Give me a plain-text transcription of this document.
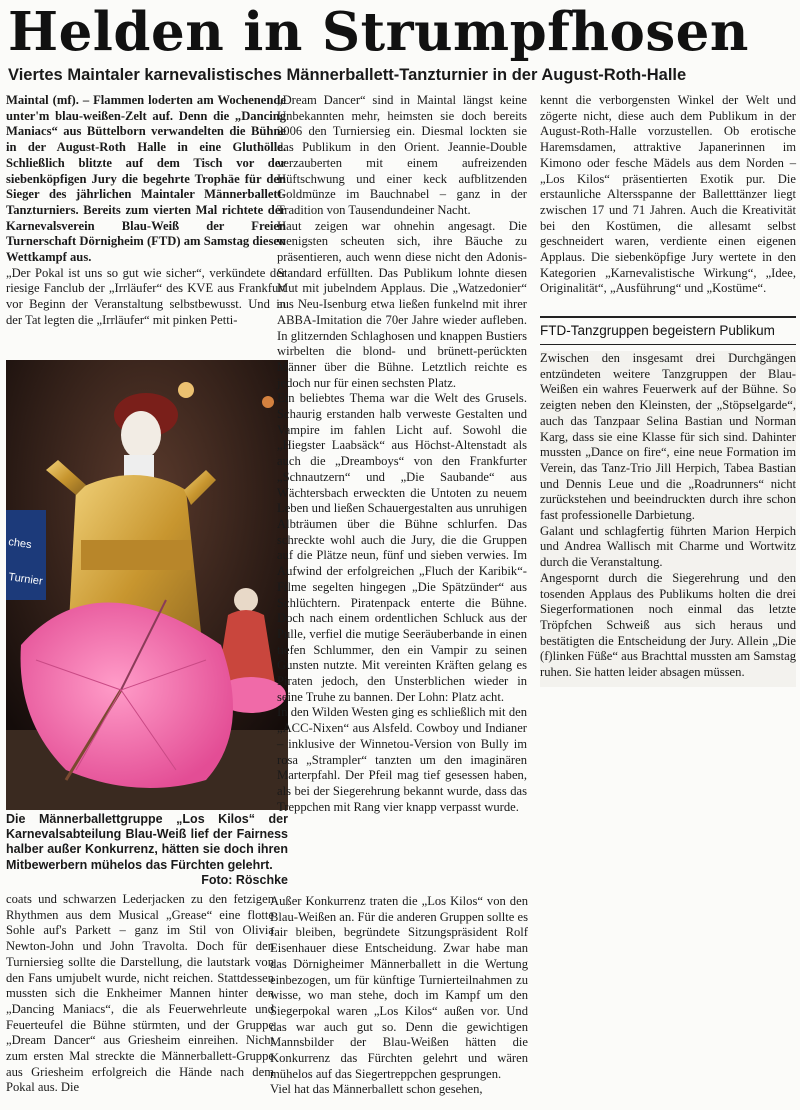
Helden in Strumpfhosen
Viertes Maintaler karnevalistisches Männerballett-Tanzturnier in der August-Roth-Halle

Maintal (mf). – Flammen loderten am Wochenende unter'm blau-weißen-Zelt auf. Denn die „Dancing Maniacs“ aus Büttelborn verwandelten die Bühne in der August-Roth Halle in eine Gluthölle. Schließlich blitzte auf dem Tisch vor der siebenköpfigen Jury die begehrte Trophäe für den Sieger des jährlichen Maintaler Männerballett-Tanzturniers. Bereits zum vierten Mal richtete der Karnevalsverein Blau-Weiß der Freien Turnerschaft Dörnigheim (FTD) am Samstag diesen Wettkampf aus.

„Der Pokal ist uns so gut wie sicher“, verkündete der riesige Fanclub der „Irrläufer“ des KVE aus Frankfurt vor Beginn der Veranstaltung selbstbewusst. Und in der Tat legten die „Irrläufer“ mit pinken Petti-

ches
Turnier

Die Männerballettgruppe „Los Kilos“ der Karnevalsabteilung Blau-Weiß lief der Fairness halber außer Konkurrenz, hätten sie doch ihren Mitbewerbern mühelos das Fürchten gelehrt.
Foto: Röschke

coats und schwarzen Lederjacken zu den fetzigen Rhythmen aus dem Musical „Grease“ eine flotte Sohle auf's Parkett – ganz im Stil von Olivia Newton-John und John Travolta. Doch für den Turniersieg sollte die Darstellung, die lautstark von den Fans umjubelt wurde, nicht reichen. Stattdessen mussten sich die Enkheimer Mannen hinter den „Dancing Maniacs“, die als Feuerwehrleute und Feuerteufel die Bühne stürmten, und der Gruppe „Dream Dancer“ aus Griesheim einreihen. Nicht zum ersten Mal streckte die Männerballett-Gruppe aus Griesheim erfolgreich die Hände nach dem Pokal aus. Die

„Dream Dancer“ sind in Maintal längst keine Unbekannten mehr, heimsten sie doch bereits 2006 den Turniersieg ein. Diesmal lockten sie das Publikum in den Orient. Jeannie-Double verzauberten mit einem aufreizenden Hüftschwung und einer keck aufblitzenden Goldmünze im Bauchnabel – ganz in der Tradition von Tausendundeiner Nacht.

Haut zeigen war ohnehin angesagt. Die wenigsten scheuten sich, ihre Bäuche zu präsentieren, auch wenn diese nicht den Adonis-Standard erfüllten. Das Publikum lohnte diesen Mut mit jubelndem Applaus. Die „Watzedonier“ aus Neu-Isenburg etwa ließen funkelnd mit ihrer ABBA-Imitation die 70er Jahre wieder aufleben. In glitzernden Schlaghosen und knappen Bustiers wirbelten die blond- und brünett-perückten Männer über die Bühne. Letztlich reichte es jedoch nur für einen sechsten Platz.

Ein beliebtes Thema war die Welt des Grusels. Schaurig erstanden halb verweste Gestalten und Vampire im fahlen Licht auf. Sowohl die „Hiegster Laabsäck“ aus Höchst-Altenstadt als auch die „Dreamboys“ von den Frankfurter „Schnautzern“ und „Die Saubande“ aus Wächtersbach erweckten die Untoten zu neuem Leben und ließen Schauergestalten aus unruhigen Albträumen über die Bühne schlurfen. Das schreckte wohl auch die Jury, die die Gruppen auf die Plätze neun, fünf und sieben verwies. Im Aufwind der erfolgreichen „Fluch der Karibik“-Filme segelten hingegen „Die Spätzünder“ aus Schlüchtern. Piratenpack enterte die Bühne. Doch nach einem ordentlichen Schluck aus der Pulle, verfiel die mutige Seeräuberbande in einen tiefen Schlummer, den ein Vampir zu seinen Gunsten nutzte. Mit vereinten Kräften gelang es Piraten jedoch, den Unsterblichen wieder in seine Truhe zu bannen. Der Lohn: Platz acht.

In den Wilden Westen ging es schließlich mit den „ACC-Nixen“ aus Alsfeld. Cowboy und Indianer – inklusive der Winnetou-Version von Bully im rosa „Strampler“ tanzten um den imaginären Marterpfahl. Der Pfeil mag tief gesessen haben, als bei der Siegerehrung bekannt wurde, dass das Treppchen mit Rang vier knapp verpasst wurde.

Außer Konkurrenz traten die „Los Kilos“ von den Blau-Weißen an. Für die anderen Gruppen sollte es fair bleiben, begründete Sitzungspräsident Rolf Eisenhauer diese Entscheidung. Zwar habe man das Dörnigheimer Männerballett in die Wertung einbezogen, um für künftige Turnierteilnahmen zu wisse, wo man stehe, doch im Kampf um den Siegerpokal waren „Los Kilos“ außen vor. Und das war auch gut so. Denn die gewichtigen Mannsbilder der Blau-Weißen hätten die Konkurrenz das Fürchten gelehrt und wären mühelos auf das Siegertreppchen gesprungen.

Viel hat das Männerballett schon gesehen,

kennt die verborgensten Winkel der Welt und zögerte nicht, diese auch dem Publikum in der August-Roth-Halle vorzustellen. Ob erotische Haremsdamen, attraktive Japanerinnen im Kimono oder fesche Mädels aus dem Norden – „Los Kilos“ präsentierten Exotik pur. Die erstaunliche Altersspanne der Balletttänzer liegt zwischen 17 und 71 Jahren. Auch die Kreativität bei den Kostümen, die allesamt selbst geschneidert waren, verdiente einen eigenen Applaus. Die siebenköpfige Jury wertete in den Kategorien „Karnevalistische Wirkung“, „Idee, Originalität“, „Ausführung“ und „Kostüme“.

FTD-Tanzgruppen begeistern Publikum

Zwischen den insgesamt drei Durchgängen entzündeten weitere Tanzgruppen der Blau-Weißen ein wahres Feuerwerk auf der Bühne. So zeigten neben den Kleinsten, der „Stöpselgarde“, auch das Tanzpaar Selina Bastian und Norman Karg, dass sie eine Klasse für sich sind. Dahinter mussten „Dance on fire“, eine neue Formation im Verein, das Tanz-Trio Jill Herpich, Tabea Bastian und Dennis Leue und die „Roadrunners“ nicht zurückstehen und beeindruckten durch ihre schon fast professionelle Darbietung.

Galant und schlagfertig führten Marion Herpich und Andrea Wallisch mit Charme und Wortwitz durch die Veranstaltung.

Angespornt durch die Siegerehrung und den tosenden Applaus des Publikums holten die drei Siegerformationen noch einmal das letzte Tröpfchen Schweiß aus sich heraus und bestätigten die Entscheidung der Jury. Allein „Die (f)linken Füße“ aus Brachttal mussten am Samstag ruhen. Sie hatten leider absagen müssen.
